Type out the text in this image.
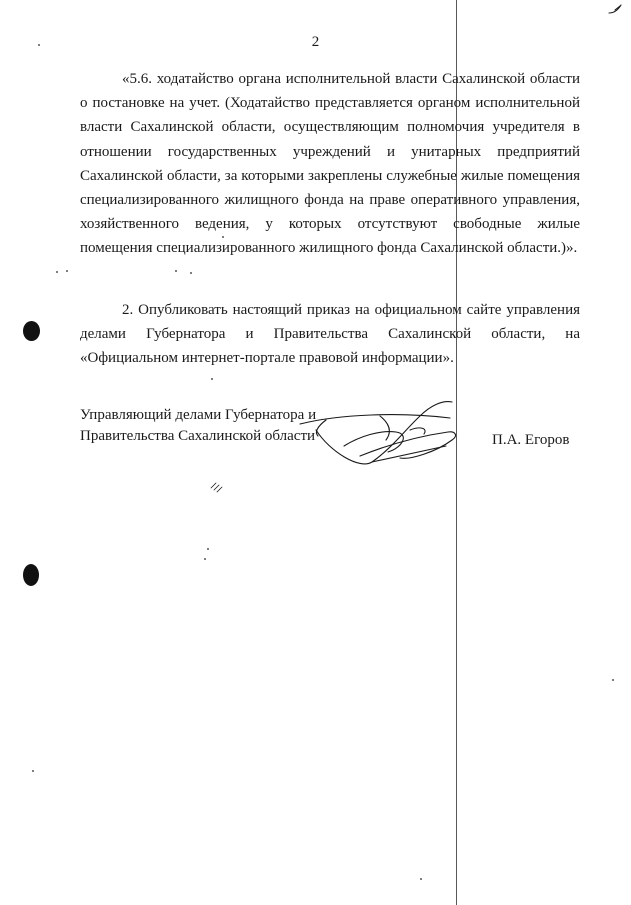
2

«5.6. ходатайство органа исполнительной власти Сахалинской области о постановке на учет. (Ходатайство представляется органом исполнительной власти Сахалинской области, осуществляющим полномочия учредителя в отношении государственных учреждений и унитарных предприятий Сахалинской области, за которыми закреплены служебные жилые помещения специализированного жилищного фонда на праве оперативного управления, хозяйственного ведения, у которых отсутствуют свободные жилые помещения специализированного жилищного фонда Сахалинской области.)».

2. Опубликовать настоящий приказ на официальном сайте управления делами Губернатора и Правительства Сахалинской области, на «Официальном интернет-портале правовой информации».

Управляющий делами Губернатора и
Правительства Сахалинской области	П.А. Егоров
